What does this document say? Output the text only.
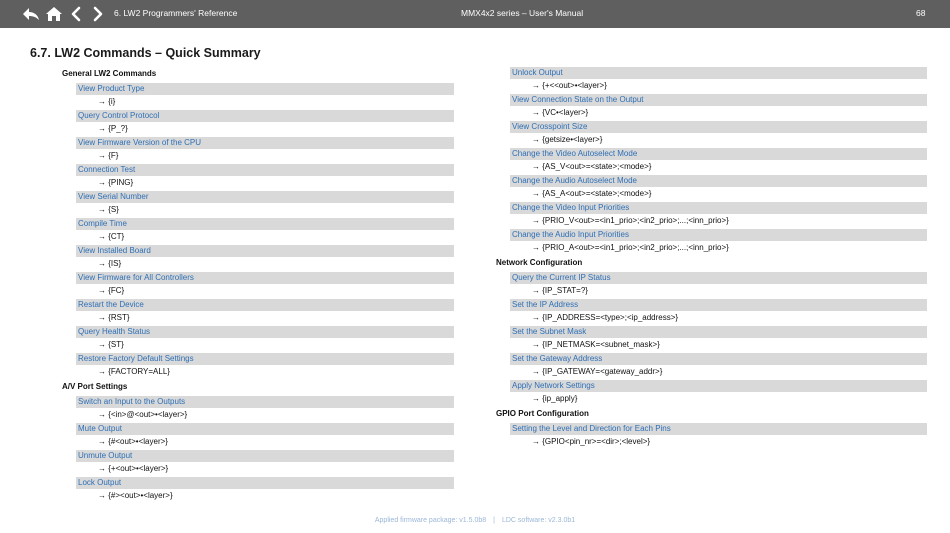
6. LW2 Programmers' Reference	MMX4x2 series – User's Manual	68
6.7. LW2 Commands – Quick Summary
General LW2 Commands
View Product Type
→ {i}
Query Control Protocol
→ {P_?}
View Firmware Version of the CPU
→ {F}
Connection Test
→ {PING}
View Serial Number
→ {S}
Compile Time
→ {CT}
View Installed Board
→ {IS}
View Firmware for All Controllers
→ {FC}
Restart the Device
→ {RST}
Query Health Status
→ {ST}
Restore Factory Default Settings
→ {FACTORY=ALL}
A/V Port Settings
Switch an Input to the Outputs
→ {<in>@<out>•<layer>}
Mute Output
→ {#<out>•<layer>}
Unmute Output
→ {+<out>•<layer>}
Lock Output
→ {#><out>•<layer>}
Unlock Output
→ {+<<out>•<layer>}
View Connection State on the Output
→ {VC•<layer>}
View Crosspoint Size
→ {getsize•<layer>}
Change the Video Autoselect Mode
→ {AS_V<out>=<state>;<mode>}
Change the Audio Autoselect Mode
→ {AS_A<out>=<state>;<mode>}
Change the Video Input Priorities
→ {PRIO_V<out>=<in1_prio>;<in2_prio>;...;<inn_prio>}
Change the Audio Input Priorities
→ {PRIO_A<out>=<in1_prio>;<in2_prio>;...;<inn_prio>}
Network Configuration
Query the Current IP Status
→ {IP_STAT=?}
Set the IP Address
→ {IP_ADDRESS=<type>;<ip_address>}
Set the Subnet Mask
→ {IP_NETMASK=<subnet_mask>}
Set the Gateway Address
→ {IP_GATEWAY=<gateway_addr>}
Apply Network Settings
→ {ip_apply}
GPIO Port Configuration
Setting the Level and Direction for Each Pins
→ {GPIO<pin_nr>=<dir>;<level>}
Applied firmware package: v1.5.0b8 | LDC software: v2.3.0b1
